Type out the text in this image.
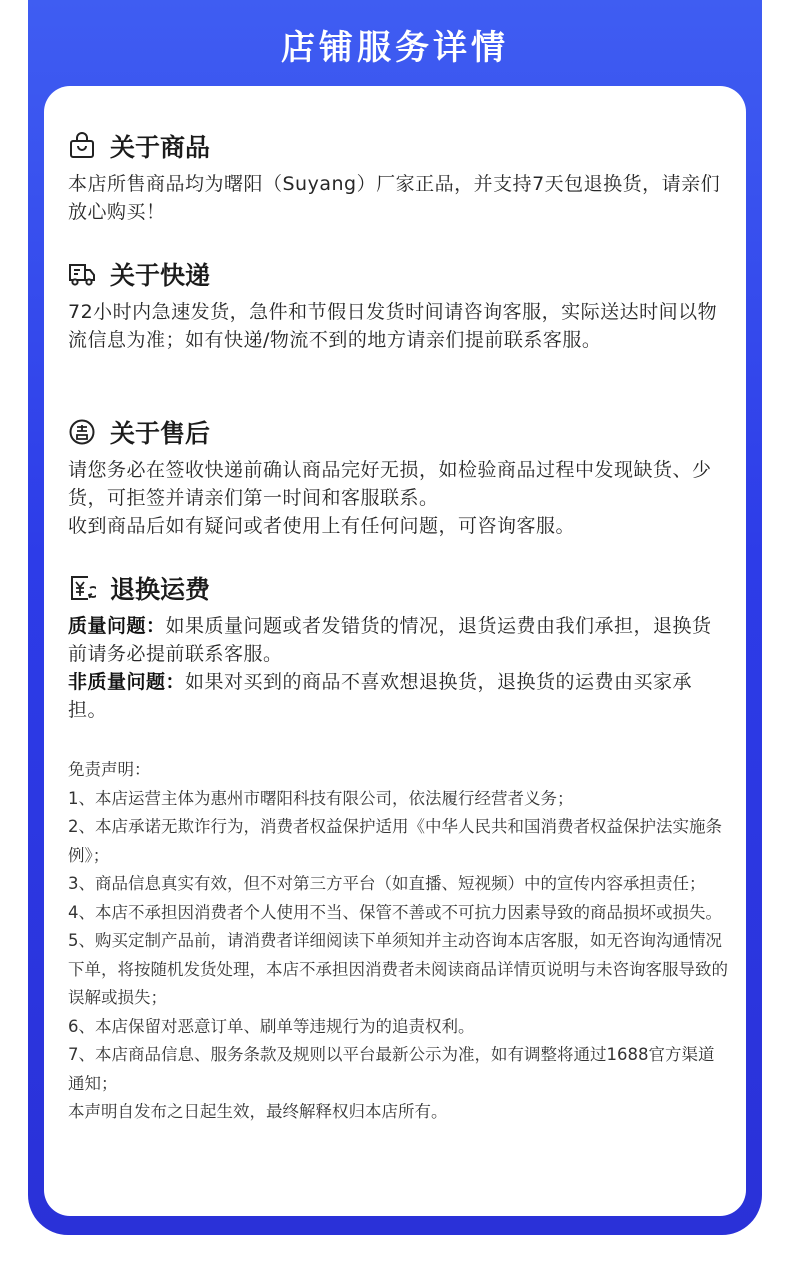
店铺服务详情
关于商品

本店所售商品均为曙阳（Suyang）厂家正品，并支持7天包退换货，请亲们放心购买！

关于快递

72小时内急速发货，急件和节假日发货时间请咨询客服，实际送达时间以物流信息为准；如有快递/物流不到的地方请亲们提前联系客服。

关于售后

请您务必在签收快递前确认商品完好无损，如检验商品过程中发现缺货、少货，可拒签并请亲们第一时间和客服联系。

收到商品后如有疑问或者使用上有任何问题，可咨询客服。

退换运费

质量问题：如果质量问题或者发错货的情况，退货运费由我们承担，退换货前请务必提前联系客服。

非质量问题：如果对买到的商品不喜欢想退换货，退换货的运费由买家承担。

免责声明：

1、本店运营主体为惠州市曙阳科技有限公司，依法履行经营者义务；

2、本店承诺无欺诈行为，消费者权益保护适用《中华人民共和国消费者权益保护法实施条例》；

3、商品信息真实有效，但不对第三方平台（如直播、短视频）中的宣传内容承担责任；

4、本店不承担因消费者个人使用不当、保管不善或不可抗力因素导致的商品损坏或损失。

5、购买定制产品前，请消费者详细阅读下单须知并主动咨询本店客服，如无咨询沟通情况下单，将按随机发货处理，本店不承担因消费者未阅读商品详情页说明与未咨询客服导致的误解或损失；

6、本店保留对恶意订单、刷单等违规行为的追责权利。

7、本店商品信息、服务条款及规则以平台最新公示为准，如有调整将通过1688官方渠道通知；

本声明自发布之日起生效，最终解释权归本店所有。
